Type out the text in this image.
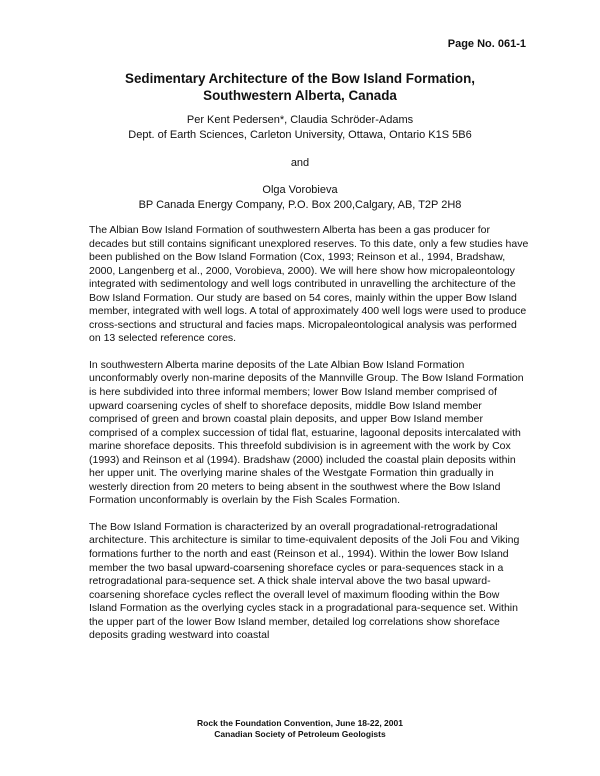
Page No. 061-1
Sedimentary Architecture of the Bow Island Formation,
Southwestern Alberta, Canada
Per Kent Pedersen*, Claudia Schröder-Adams
Dept. of Earth Sciences, Carleton University, Ottawa, Ontario K1S 5B6
and
Olga Vorobieva
BP Canada Energy Company, P.O. Box 200,Calgary, AB, T2P 2H8

The Albian Bow Island Formation of southwestern Alberta has been a gas producer for decades but still contains significant unexplored reserves. To this date, only a few studies have been published on the Bow Island Formation (Cox, 1993; Reinson et al., 1994, Bradshaw, 2000, Langenberg et al., 2000, Vorobieva, 2000). We will here show how micropaleontology integrated with sedimentology and well logs contributed in unravelling the architecture of the Bow Island Formation. Our study are based on 54 cores, mainly within the upper Bow Island member, integrated with well logs. A total of approximately 400 well logs were used to produce cross-sections and structural and facies maps. Micropaleontological analysis was performed on 13 selected reference cores.

In southwestern Alberta marine deposits of the Late Albian Bow Island Formation unconformably overly non-marine deposits of the Mannville Group. The Bow Island Formation is here subdivided into three informal members; lower Bow Island member comprised of upward coarsening cycles of shelf to shoreface deposits, middle Bow Island member comprised of green and brown coastal plain deposits, and upper Bow Island member comprised of a complex succession of tidal flat, estuarine, lagoonal deposits intercalated with marine shoreface deposits. This threefold subdivision is in agreement with the work by Cox (1993) and Reinson et al (1994). Bradshaw (2000) included the coastal plain deposits within her upper unit. The overlying marine shales of the Westgate Formation thin gradually in westerly direction from 20 meters to being absent in the southwest where the Bow Island Formation unconformably is overlain by the Fish Scales Formation.

The Bow Island Formation is characterized by an overall progradational-retrogradational architecture. This architecture is similar to time-equivalent deposits of the Joli Fou and Viking formations further to the north and east (Reinson et al., 1994). Within the lower Bow Island member the two basal upward-coarsening shoreface cycles or para-sequences stack in a retrogradational para-sequence set. A thick shale interval above the two basal upward-coarsening shoreface cycles reflect the overall level of maximum flooding within the Bow Island Formation as the overlying cycles stack in a progradational para-sequence set. Within the upper part of the lower Bow Island member, detailed log correlations show shoreface deposits grading westward into coastal

Rock the Foundation Convention, June 18-22, 2001
Canadian Society of Petroleum Geologists
